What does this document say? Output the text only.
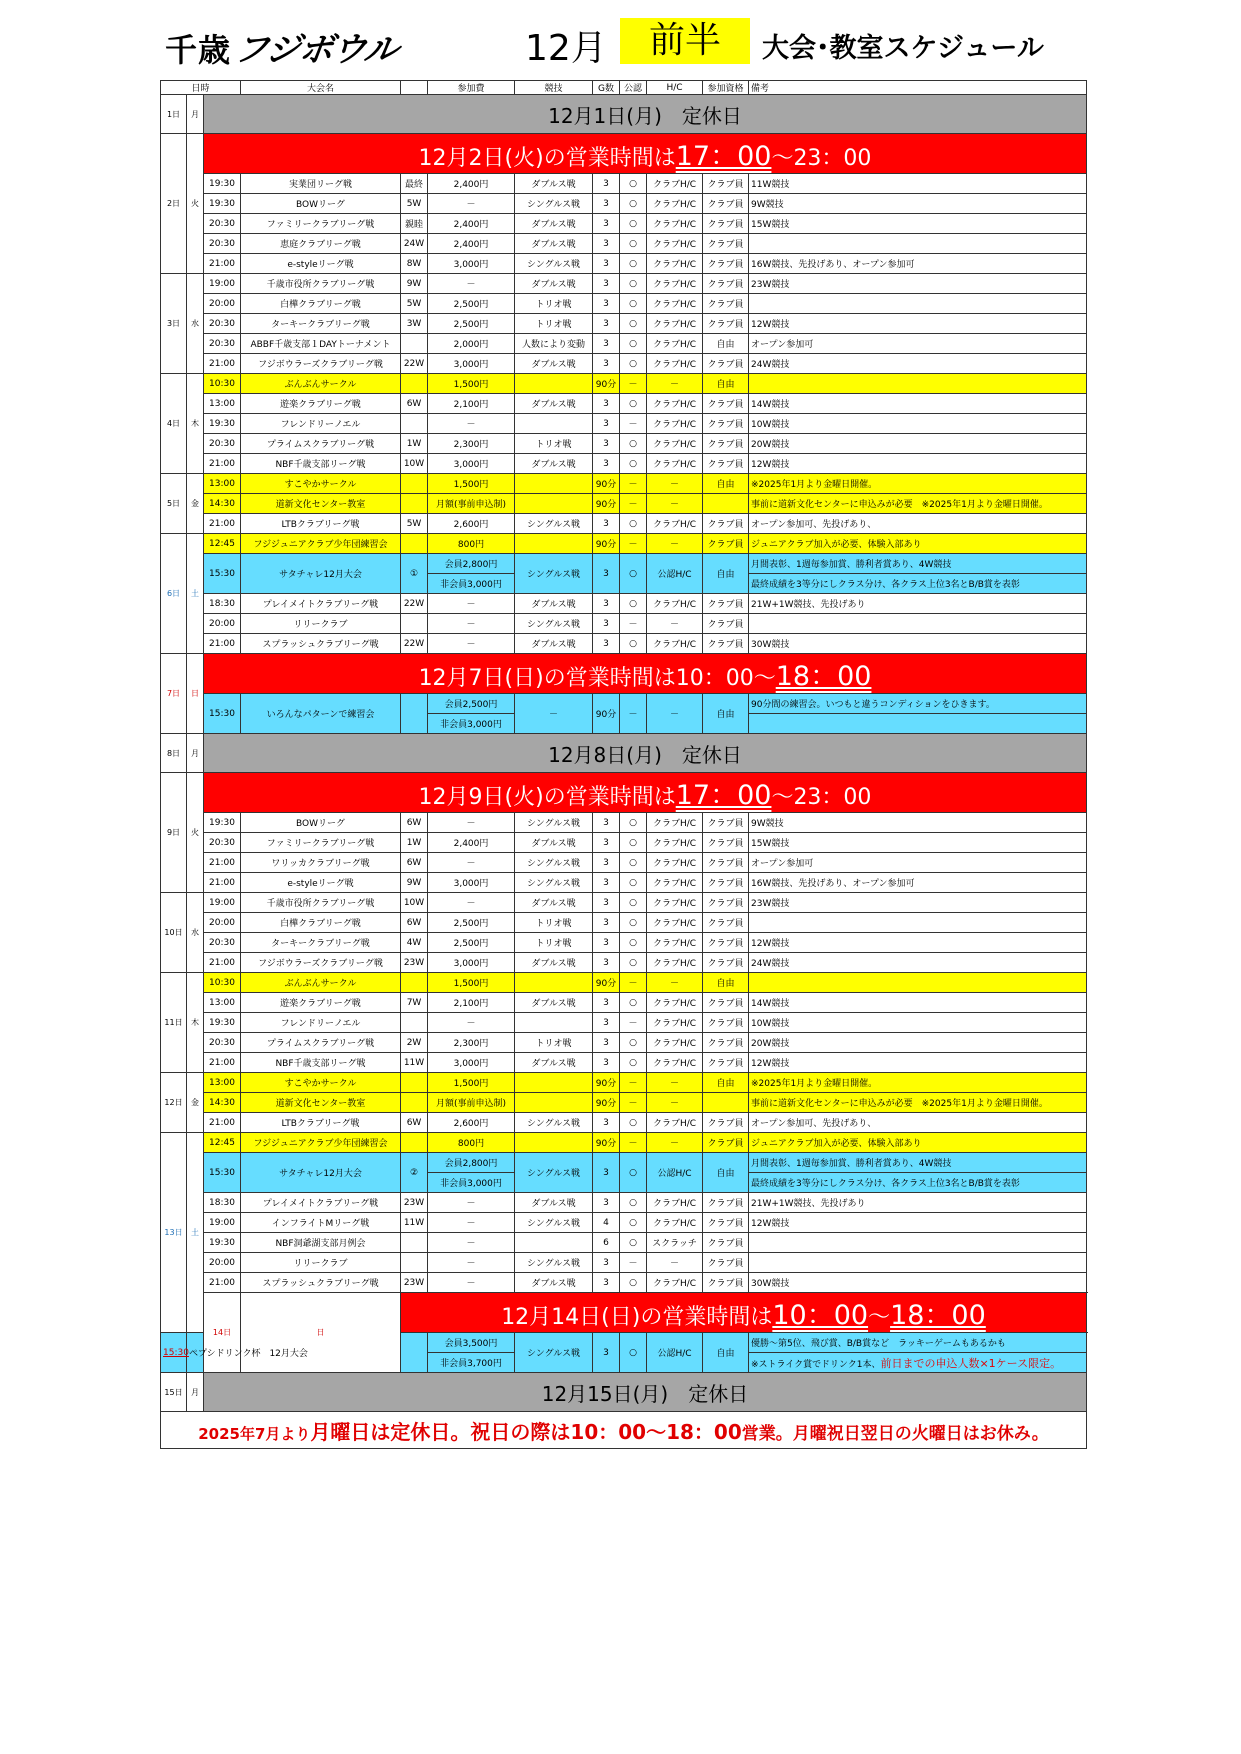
千歳フジボウル	12月	前半	大会･教室スケジュール
日時			大会名		参加費	競技	G数	公認	H/C	参加資格	備考
1日	月	12月1日(月)　定休日									
2日	火	12月2日(火)の営業時間は17：00〜23：00									
		19:30	実業団リーグ戦	最終	2,400円	ダブルス戦	3	○	クラブH/C	クラブ員	11W競技
		19:30	BOWリーグ	5W	－	シングルス戦	3	○	クラブH/C	クラブ員	9W競技
		20:30	ファミリークラブリーグ戦	親睦	2,400円	ダブルス戦	3	○	クラブH/C	クラブ員	15W競技
		20:30	恵庭クラブリーグ戦	24W	2,400円	ダブルス戦	3	○	クラブH/C	クラブ員	
		21:00	e-styleリーグ戦	8W	3,000円	シングルス戦	3	○	クラブH/C	クラブ員	16W競技、先投げあり、オープン参加可
3日	水	19:00	千歳市役所クラブリーグ戦	9W	－	ダブルス戦	3	○	クラブH/C	クラブ員	23W競技
		20:00	白樺クラブリーグ戦	5W	2,500円	トリオ戦	3	○	クラブH/C	クラブ員	
		20:30	ターキークラブリーグ戦	3W	2,500円	トリオ戦	3	○	クラブH/C	クラブ員	12W競技
		20:30	ABBF千歳支部１DAYトーナメント		2,000円	人数により変動	3	○	クラブH/C	自由	オープン参加可
		21:00	フジボウラーズクラブリーグ戦	22W	3,000円	ダブルス戦	3	○	クラブH/C	クラブ員	24W競技
4日	木	10:30	ぶんぶんサークル		1,500円		90分	－	－	自由	
		13:00	遊楽クラブリーグ戦	6W	2,100円	ダブルス戦	3	○	クラブH/C	クラブ員	14W競技
		19:30	フレンドリーノエル		－		3	－	クラブH/C	クラブ員	10W競技
		20:30	プライムスクラブリーグ戦	1W	2,300円	トリオ戦	3	○	クラブH/C	クラブ員	20W競技
		21:00	NBF千歳支部リーグ戦	10W	3,000円	ダブルス戦	3	○	クラブH/C	クラブ員	12W競技
5日	金	13:00	すこやかサークル		1,500円		90分	－	－	自由	※2025年1月より金曜日開催。
		14:30	道新文化センター教室		月額(事前申込制)		90分	－	－		事前に道新文化センターに申込みが必要　※2025年1月より金曜日開催。
		21:00	LTBクラブリーグ戦	5W	2,600円	シングルス戦	3	○	クラブH/C	クラブ員	オープン参加可、先投げあり、
6日	土	12:45	フジジュニアクラブ少年団練習会		800円		90分	－	－	クラブ員	ジュニアクラブ加入が必要、体験入部あり
		15:30	サタチャレ12月大会	①	会員2,800円	シングルス戦	3	○	公認H/C	自由	月間表彰、1週毎参加賞、勝利者賞あり、4W競技
					非会員3,000円						最終成績を3等分にしクラス分け、各クラス上位3名とB/B賞を表彰
		18:30	プレイメイトクラブリーグ戦	22W	－	ダブルス戦	3	○	クラブH/C	クラブ員	21W+1W競技、先投げあり
		20:00	リリークラブ		－	シングルス戦	3	－	－	クラブ員	
		21:00	スプラッシュクラブリーグ戦	22W	－	ダブルス戦	3	○	クラブH/C	クラブ員	30W競技
7日	日	12月7日(日)の営業時間は10：00〜18：00									
		15:30	いろんなパターンで練習会		会員2,500円	－	90分	－	－	自由	90分間の練習会。いつもと違うコンディションをひきます。
					非会員3,000円						
8日	月	12月8日(月)　定休日									
9日	火	12月9日(火)の営業時間は17：00〜23：00									
		19:30	BOWリーグ	6W	－	シングルス戦	3	○	クラブH/C	クラブ員	9W競技
		20:30	ファミリークラブリーグ戦	1W	2,400円	ダブルス戦	3	○	クラブH/C	クラブ員	15W競技
		21:00	ワリッカクラブリーグ戦	6W	－	シングルス戦	3	○	クラブH/C	クラブ員	オープン参加可
		21:00	e-styleリーグ戦	9W	3,000円	シングルス戦	3	○	クラブH/C	クラブ員	16W競技、先投げあり、オープン参加可
10日	水	19:00	千歳市役所クラブリーグ戦	10W	－	ダブルス戦	3	○	クラブH/C	クラブ員	23W競技
		20:00	白樺クラブリーグ戦	6W	2,500円	トリオ戦	3	○	クラブH/C	クラブ員	
		20:30	ターキークラブリーグ戦	4W	2,500円	トリオ戦	3	○	クラブH/C	クラブ員	12W競技
		21:00	フジボウラーズクラブリーグ戦	23W	3,000円	ダブルス戦	3	○	クラブH/C	クラブ員	24W競技
11日	木	10:30	ぶんぶんサークル		1,500円		90分	－	－	自由	
		13:00	遊楽クラブリーグ戦	7W	2,100円	ダブルス戦	3	○	クラブH/C	クラブ員	14W競技
		19:30	フレンドリーノエル		－		3	－	クラブH/C	クラブ員	10W競技
		20:30	プライムスクラブリーグ戦	2W	2,300円	トリオ戦	3	○	クラブH/C	クラブ員	20W競技
		21:00	NBF千歳支部リーグ戦	11W	3,000円	ダブルス戦	3	○	クラブH/C	クラブ員	12W競技
12日	金	13:00	すこやかサークル		1,500円		90分	－	－	自由	※2025年1月より金曜日開催。
		14:30	道新文化センター教室		月額(事前申込制)		90分	－	－		事前に道新文化センターに申込みが必要　※2025年1月より金曜日開催。
		21:00	LTBクラブリーグ戦	6W	2,600円	シングルス戦	3	○	クラブH/C	クラブ員	オープン参加可、先投げあり、
13日	土	12:45	フジジュニアクラブ少年団練習会		800円		90分	－	－	クラブ員	ジュニアクラブ加入が必要、体験入部あり
		15:30	サタチャレ12月大会	②	会員2,800円	シングルス戦	3	○	公認H/C	自由	月間表彰、1週毎参加賞、勝利者賞あり、4W競技
					非会員3,000円						最終成績を3等分にしクラス分け、各クラス上位3名とB/B賞を表彰
		18:30	プレイメイトクラブリーグ戦	23W	－	ダブルス戦	3	○	クラブH/C	クラブ員	21W+1W競技、先投げあり
		19:00	インフライトMリーグ戦	11W	－	シングルス戦	4	○	クラブH/C	クラブ員	12W競技
		19:30	NBF洞爺湖支部月例会		－		6	○	スクラッチ	クラブ員	
		20:00	リリークラブ		－	シングルス戦	3	－	－	クラブ員	
		21:00	スプラッシュクラブリーグ戦	23W	－	ダブルス戦	3	○	クラブH/C	クラブ員	30W競技
		14日	日	12月14日(日)の営業時間は10：00〜18：00							
15:30	ペプシドリンク杯　12月大会				会員3,500円	シングルス戦	3	○	公認H/C	自由	優勝～第5位、飛び賞、B/B賞など　ラッキーゲームもあるかも
					非会員3,700円						※ストライク賞でドリンク1本、前日までの申込人数×1ケース限定。
15日	月	12月15日(月)　定休日									
2025年7月より月曜日は定休日。祝日の際は10：00〜18：00営業。月曜祝日翌日の火曜日はお休み。											
